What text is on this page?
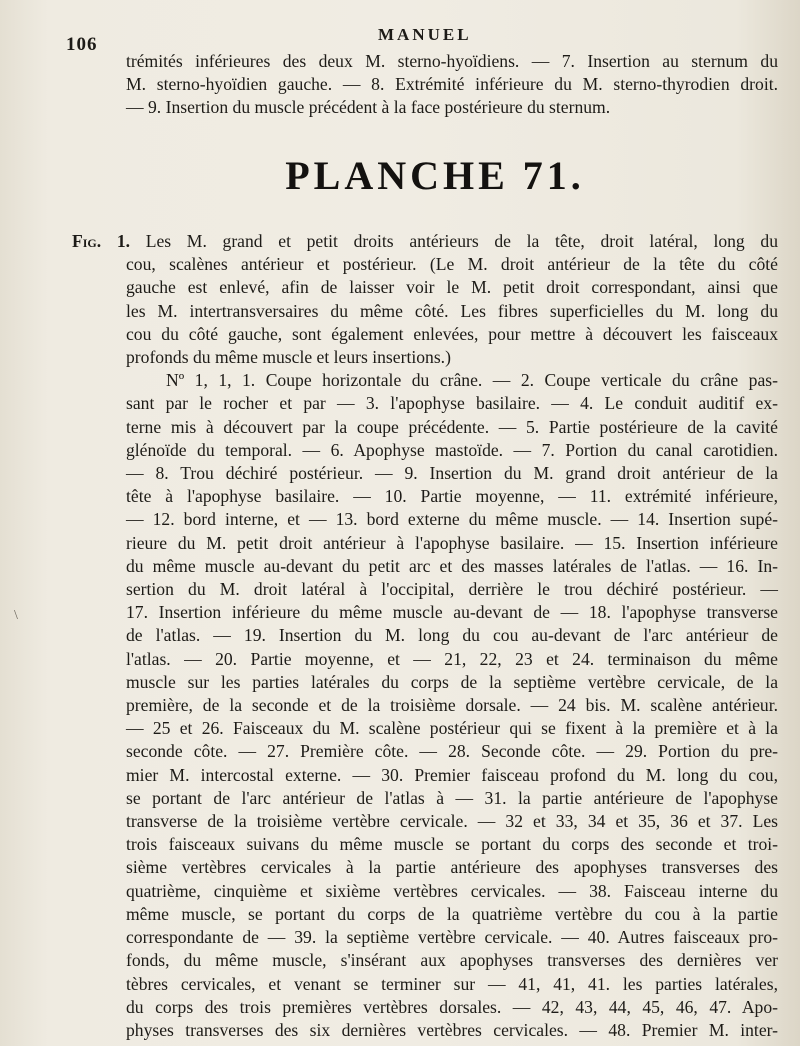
106	MANUEL
trémités inférieures des deux M. sterno-hyoïdiens. — 7. Insertion au sternum du
M. sterno-hyoïdien gauche. — 8. Extrémité inférieure du M. sterno-thyrodien droit.
— 9. Insertion du muscle précédent à la face postérieure du sternum.
PLANCHE 71.
Fig. 1. Les M. grand et petit droits antérieurs de la tête, droit latéral, long du
cou, scalènes antérieur et postérieur. (Le M. droit antérieur de la tête du côté
gauche est enlevé, afin de laisser voir le M. petit droit correspondant, ainsi que
les M. intertransversaires du même côté. Les fibres superficielles du M. long du
cou du côté gauche, sont également enlevées, pour mettre à découvert les faisceaux
profonds du même muscle et leurs insertions.)
Nº 1, 1, 1. Coupe horizontale du crâne. — 2. Coupe verticale du crâne pas-
sant par le rocher et par — 3. l'apophyse basilaire. — 4. Le conduit auditif ex-
terne mis à découvert par la coupe précédente. — 5. Partie postérieure de la cavité
glénoïde du temporal. — 6. Apophyse mastoïde. — 7. Portion du canal carotidien.
— 8. Trou déchiré postérieur. — 9. Insertion du M. grand droit antérieur de la
tête à l'apophyse basilaire. — 10. Partie moyenne, — 11. extrémité inférieure,
— 12. bord interne, et — 13. bord externe du même muscle. — 14. Insertion supé-
rieure du M. petit droit antérieur à l'apophyse basilaire. — 15. Insertion inférieure
du même muscle au-devant du petit arc et des masses latérales de l'atlas. — 16. In-
sertion du M. droit latéral à l'occipital, derrière le trou déchiré postérieur. —
17. Insertion inférieure du même muscle au-devant de — 18. l'apophyse transverse
de l'atlas. — 19. Insertion du M. long du cou au-devant de l'arc antérieur de
l'atlas. — 20. Partie moyenne, et — 21, 22, 23 et 24. terminaison du même
muscle sur les parties latérales du corps de la septième vertèbre cervicale, de la
première, de la seconde et de la troisième dorsale. — 24 bis. M. scalène antérieur.
— 25 et 26. Faisceaux du M. scalène postérieur qui se fixent à la première et à la
seconde côte. — 27. Première côte. — 28. Seconde côte. — 29. Portion du pre-
mier M. intercostal externe. — 30. Premier faisceau profond du M. long du cou,
se portant de l'arc antérieur de l'atlas à — 31. la partie antérieure de l'apophyse
transverse de la troisième vertèbre cervicale. — 32 et 33, 34 et 35, 36 et 37. Les
trois faisceaux suivans du même muscle se portant du corps des seconde et troi-
sième vertèbres cervicales à la partie antérieure des apophyses transverses des
quatrième, cinquième et sixième vertèbres cervicales. — 38. Faisceau interne du
même muscle, se portant du corps de la quatrième vertèbre du cou à la partie
correspondante de — 39. la septième vertèbre cervicale. — 40. Autres faisceaux pro-
fonds, du même muscle, s'insérant aux apophyses transverses des dernières ver
tèbres cervicales, et venant se terminer sur — 41, 41, 41. les parties latérales,
du corps des trois premières vertèbres dorsales. — 42, 43, 44, 45, 46, 47. Apo-
physes transverses des six dernières vertèbres cervicales. — 48. Premier M. inter-
\
